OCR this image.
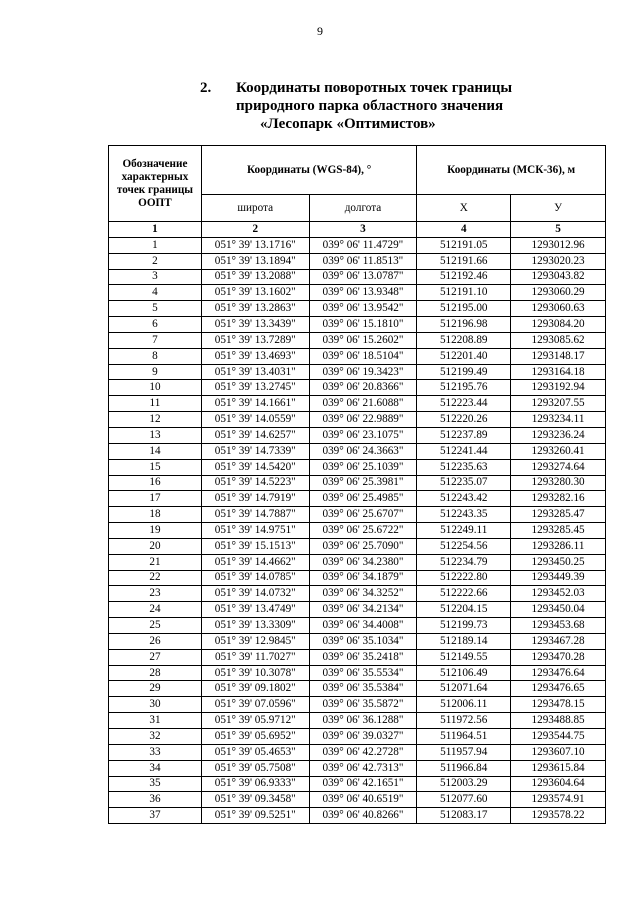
9
2. Координаты поворотных точек границы
природного парка областного значения
«Лесопарк «Оптимистов»
Обозначение характерных точек границы ООПТ	Координаты (WGS-84), °		Координаты (МСК-36), м	
	широта	долгота	X	У
1	2	3	4	5
1	051° 39' 13.1716"	039° 06' 11.4729"	512191.05	1293012.96
2	051° 39' 13.1894"	039° 06' 11.8513"	512191.66	1293020.23
3	051° 39' 13.2088"	039° 06' 13.0787"	512192.46	1293043.82
4	051° 39' 13.1602"	039° 06' 13.9348"	512191.10	1293060.29
5	051° 39' 13.2863"	039° 06' 13.9542"	512195.00	1293060.63
6	051° 39' 13.3439"	039° 06' 15.1810"	512196.98	1293084.20
7	051° 39' 13.7289"	039° 06' 15.2602"	512208.89	1293085.62
8	051° 39' 13.4693"	039° 06' 18.5104"	512201.40	1293148.17
9	051° 39' 13.4031"	039° 06' 19.3423"	512199.49	1293164.18
10	051° 39' 13.2745"	039° 06' 20.8366"	512195.76	1293192.94
11	051° 39' 14.1661"	039° 06' 21.6088"	512223.44	1293207.55
12	051° 39' 14.0559"	039° 06' 22.9889"	512220.26	1293234.11
13	051° 39' 14.6257"	039° 06' 23.1075"	512237.89	1293236.24
14	051° 39' 14.7339"	039° 06' 24.3663"	512241.44	1293260.41
15	051° 39' 14.5420"	039° 06' 25.1039"	512235.63	1293274.64
16	051° 39' 14.5223"	039° 06' 25.3981"	512235.07	1293280.30
17	051° 39' 14.7919"	039° 06' 25.4985"	512243.42	1293282.16
18	051° 39' 14.7887"	039° 06' 25.6707"	512243.35	1293285.47
19	051° 39' 14.9751"	039° 06' 25.6722"	512249.11	1293285.45
20	051° 39' 15.1513"	039° 06' 25.7090"	512254.56	1293286.11
21	051° 39' 14.4662"	039° 06' 34.2380"	512234.79	1293450.25
22	051° 39' 14.0785"	039° 06' 34.1879"	512222.80	1293449.39
23	051° 39' 14.0732"	039° 06' 34.3252"	512222.66	1293452.03
24	051° 39' 13.4749"	039° 06' 34.2134"	512204.15	1293450.04
25	051° 39' 13.3309"	039° 06' 34.4008"	512199.73	1293453.68
26	051° 39' 12.9845"	039° 06' 35.1034"	512189.14	1293467.28
27	051° 39' 11.7027"	039° 06' 35.2418"	512149.55	1293470.28
28	051° 39' 10.3078"	039° 06' 35.5534"	512106.49	1293476.64
29	051° 39' 09.1802"	039° 06' 35.5384"	512071.64	1293476.65
30	051° 39' 07.0596"	039° 06' 35.5872"	512006.11	1293478.15
31	051° 39' 05.9712"	039° 06' 36.1288"	511972.56	1293488.85
32	051° 39' 05.6952"	039° 06' 39.0327"	511964.51	1293544.75
33	051° 39' 05.4653"	039° 06' 42.2728"	511957.94	1293607.10
34	051° 39' 05.7508"	039° 06' 42.7313"	511966.84	1293615.84
35	051° 39' 06.9333"	039° 06' 42.1651"	512003.29	1293604.64
36	051° 39' 09.3458"	039° 06' 40.6519"	512077.60	1293574.91
37	051° 39' 09.5251"	039° 06' 40.8266"	512083.17	1293578.22
